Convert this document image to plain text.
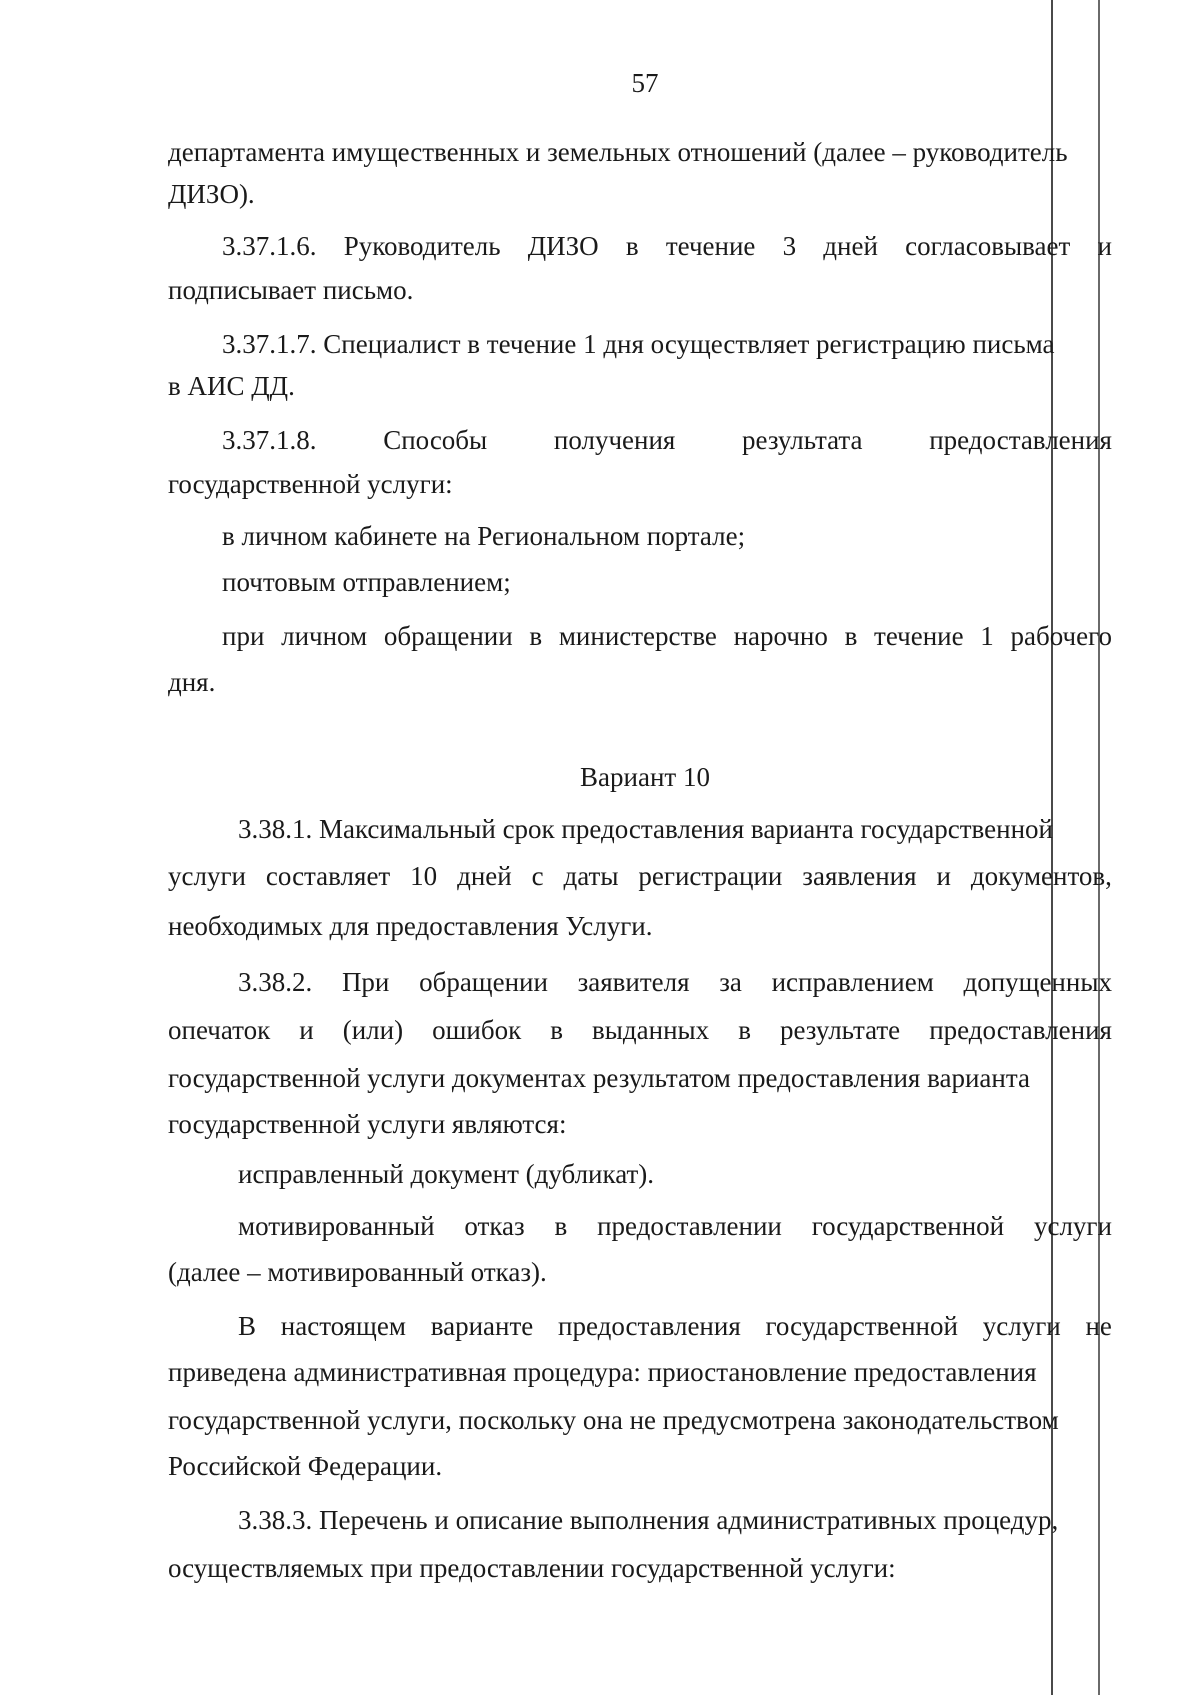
57
департамента имущественных и земельных отношений (далее – руководитель
ДИЗО).
3.37.1.6. Руководитель ДИЗО в течение 3 дней согласовывает и
подписывает письмо.
3.37.1.7. Специалист в течение 1 дня осуществляет регистрацию письма
в АИС ДД.
3.37.1.8. Способы получения результата предоставления
государственной услуги:
в личном кабинете на Региональном портале;
почтовым отправлением;
при личном обращении в министерстве нарочно в течение 1 рабочего
дня.
Вариант 10
3.38.1. Максимальный срок предоставления варианта государственной
услуги составляет 10 дней с даты регистрации заявления и документов,
необходимых для предоставления Услуги.
3.38.2. При обращении заявителя за исправлением допущенных
опечаток и (или) ошибок в выданных в результате предоставления
государственной услуги документах результатом предоставления варианта
государственной услуги являются:
исправленный документ (дубликат).
мотивированный отказ в предоставлении государственной услуги
(далее – мотивированный отказ).
В настоящем варианте предоставления государственной услуги не
приведена административная процедура: приостановление предоставления
государственной услуги, поскольку она не предусмотрена законодательством
Российской Федерации.
3.38.3. Перечень и описание выполнения административных процедур,
осуществляемых при предоставлении государственной услуги:
